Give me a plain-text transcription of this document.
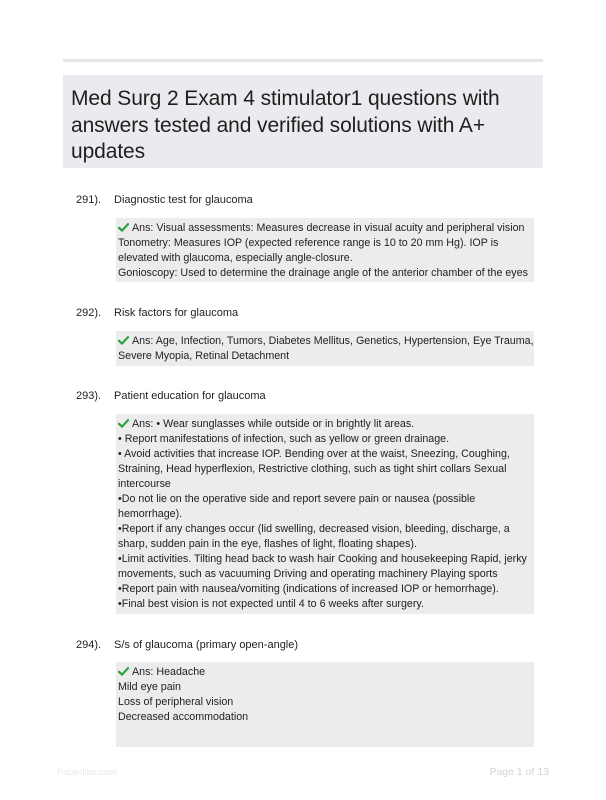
Med Surg 2 Exam 4 stimulator1 questions with answers tested and verified solutions with A+ updates
291). Diagnostic test for glaucoma
Ans: Visual assessments: Measures decrease in visual acuity and peripheral vision
Tonometry: Measures IOP (expected reference range is 10 to 20 mm Hg). IOP is
elevated with glaucoma, especially angle-closure.
Gonioscopy: Used to determine the drainage angle of the anterior chamber of the eyes
292). Risk factors for glaucoma
Ans: Age, Infection, Tumors, Diabetes Mellitus, Genetics, Hypertension, Eye Trauma,
Severe Myopia, Retinal Detachment
293). Patient education for glaucoma
Ans: • Wear sunglasses while outside or in brightly lit areas.
• Report manifestations of infection, such as yellow or green drainage.
• Avoid activities that increase IOP. Bending over at the waist, Sneezing, Coughing,
Straining, Head hyperflexion, Restrictive clothing, such as tight shirt collars Sexual
intercourse
•Do not lie on the operative side and report severe pain or nausea (possible
hemorrhage).
•Report if any changes occur (lid swelling, decreased vision, bleeding, discharge, a
sharp, sudden pain in the eye, flashes of light, floating shapes).
•Limit activities. Tilting head back to wash hair Cooking and housekeeping Rapid, jerky
movements, such as vacuuming Driving and operating machinery Playing sports
•Report pain with nausea/vomiting (indications of increased IOP or hemorrhage).
•Final best vision is not expected until 4 to 6 weeks after surgery.
294). S/s of glaucoma (primary open-angle)
Ans: Headache
Mild eye pain
Loss of peripheral vision
Decreased accommodation
Paperlibs.com	Page 1 of 13
